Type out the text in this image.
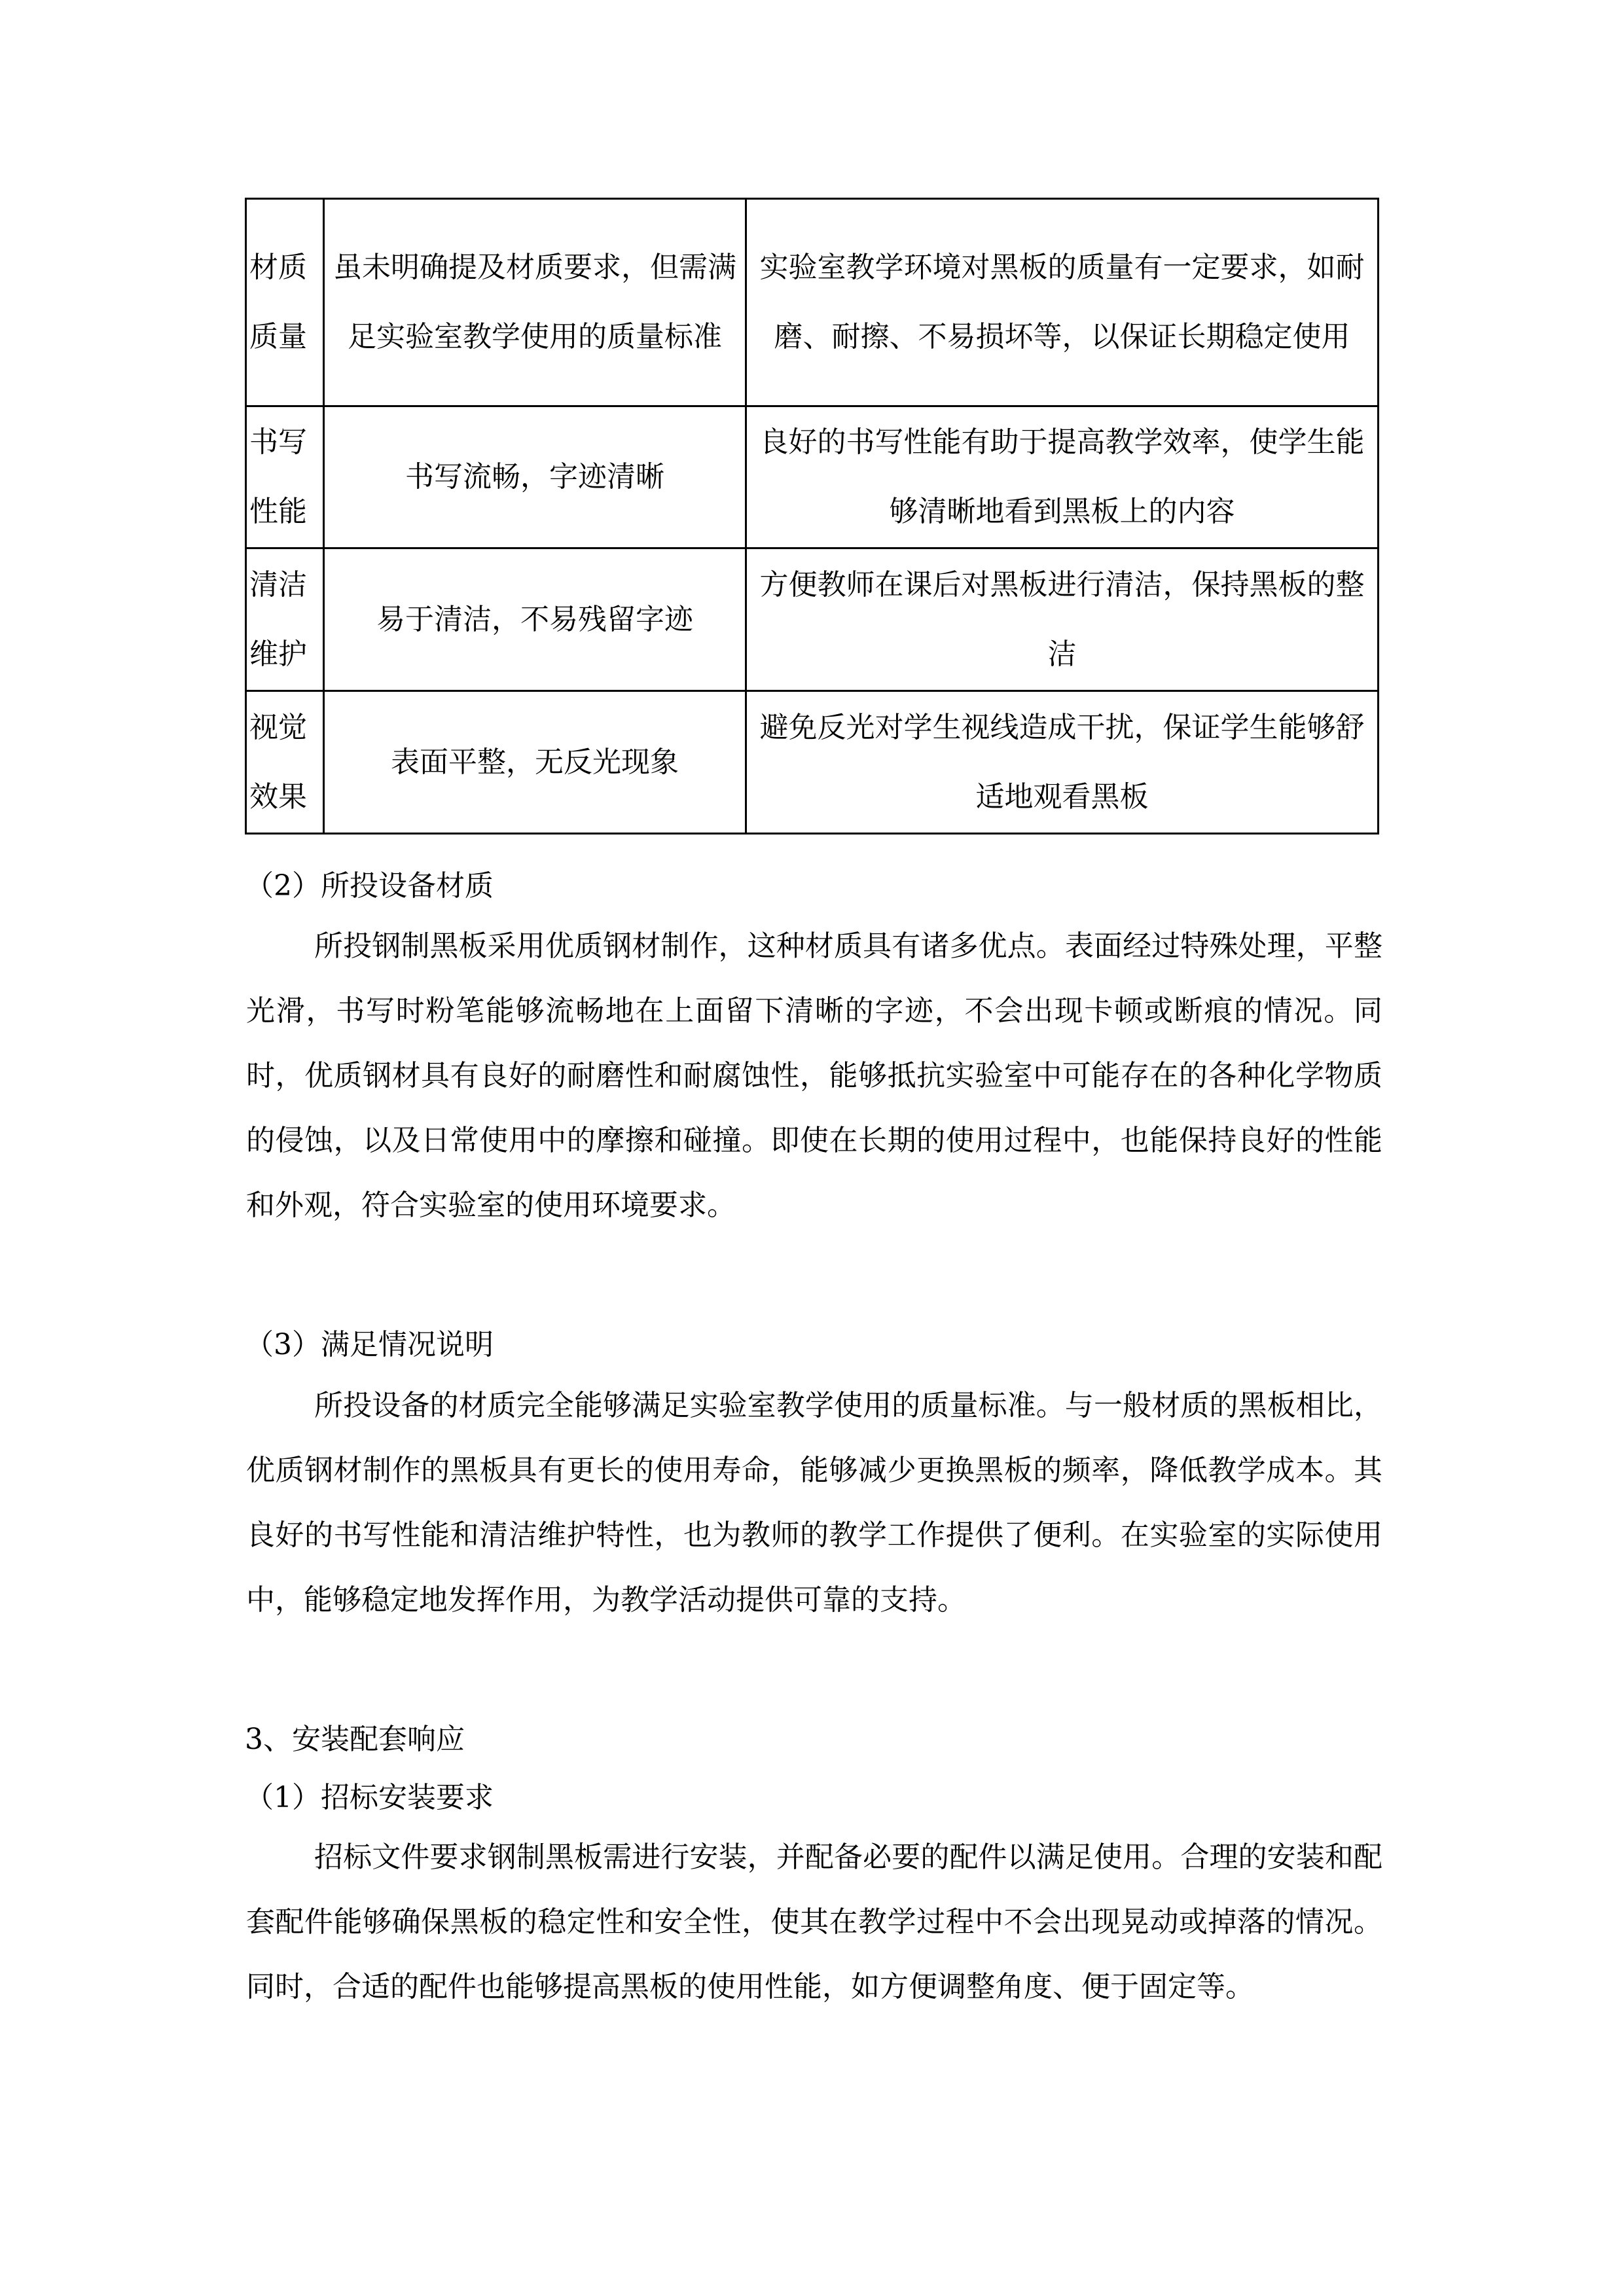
材质质量	虽未明确提及材质要求，但需满足实验室教学使用的质量标准	实验室教学环境对黑板的质量有一定要求，如耐磨、耐擦、不易损坏等，以保证长期稳定使用
书写性能	书写流畅，字迹清晰	良好的书写性能有助于提高教学效率，使学生能够清晰地看到黑板上的内容
清洁维护	易于清洁，不易残留字迹	方便教师在课后对黑板进行清洁，保持黑板的整洁
视觉效果	表面平整，无反光现象	避免反光对学生视线造成干扰，保证学生能够舒适地观看黑板
（2）所投设备材质
所投钢制黑板采用优质钢材制作，这种材质具有诸多优点。表面经过特殊处理，平整光滑，书写时粉笔能够流畅地在上面留下清晰的字迹，不会出现卡顿或断痕的情况。同时，优质钢材具有良好的耐磨性和耐腐蚀性，能够抵抗实验室中可能存在的各种化学物质的侵蚀，以及日常使用中的摩擦和碰撞。即使在长期的使用过程中，也能保持良好的性能和外观，符合实验室的使用环境要求。
（3）满足情况说明
所投设备的材质完全能够满足实验室教学使用的质量标准。与一般材质的黑板相比，优质钢材制作的黑板具有更长的使用寿命，能够减少更换黑板的频率，降低教学成本。其良好的书写性能和清洁维护特性，也为教师的教学工作提供了便利。在实验室的实际使用中，能够稳定地发挥作用，为教学活动提供可靠的支持。
3、安装配套响应
（1）招标安装要求
招标文件要求钢制黑板需进行安装，并配备必要的配件以满足使用。合理的安装和配套配件能够确保黑板的稳定性和安全性，使其在教学过程中不会出现晃动或掉落的情况。同时，合适的配件也能够提高黑板的使用性能，如方便调整角度、便于固定等。
